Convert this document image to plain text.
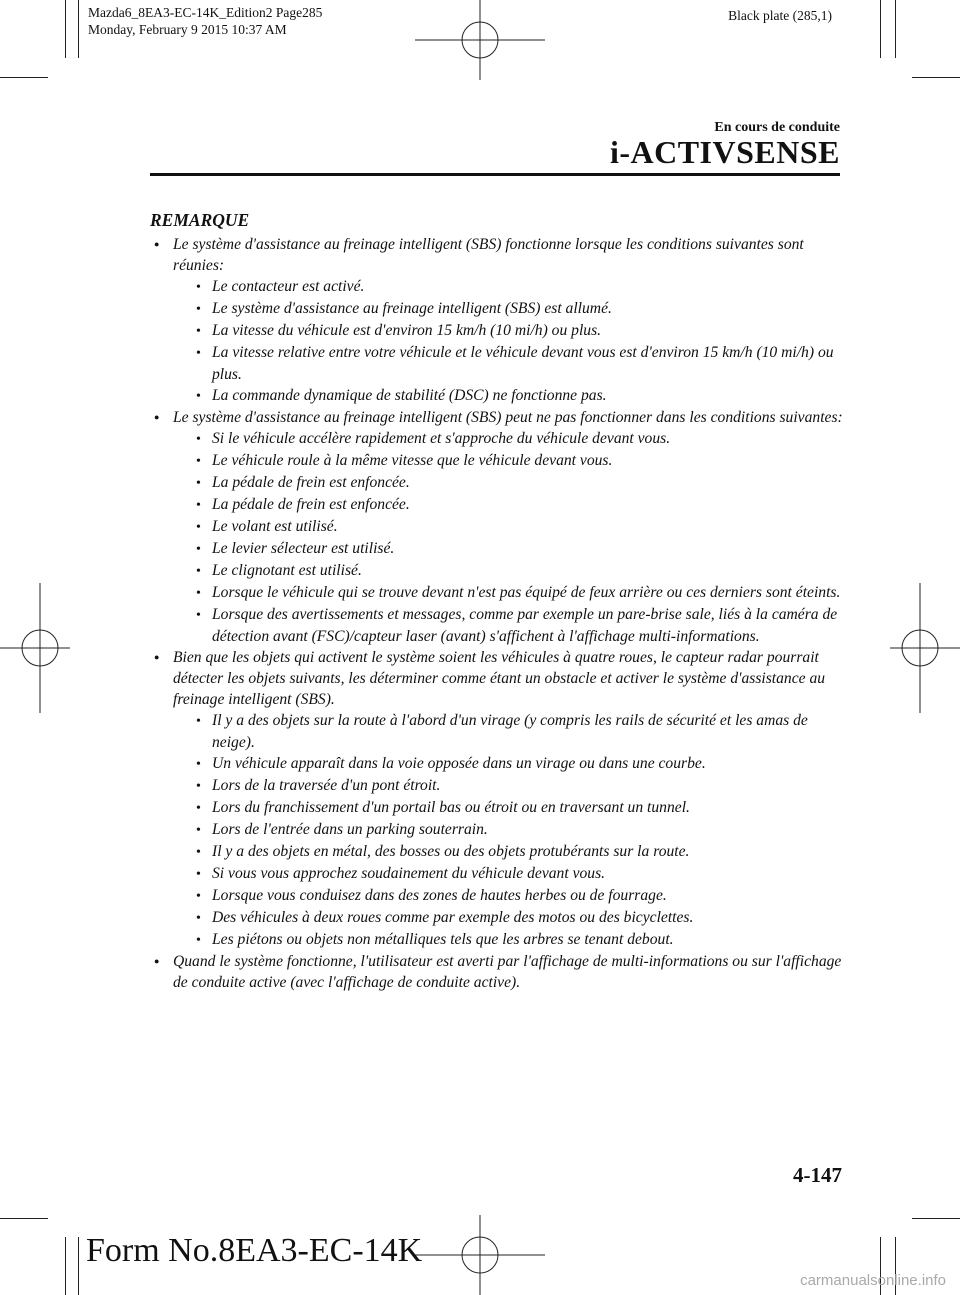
Mazda6_8EA3-EC-14K_Edition2 Page285
Monday, February 9 2015 10:37 AM
Black plate (285,1)
En cours de conduite
i-ACTIVSENSE
REMARQUE
● Le système d'assistance au freinage intelligent (SBS) fonctionne lorsque les conditions suivantes sont réunies:
• Le contacteur est activé.
• Le système d'assistance au freinage intelligent (SBS) est allumé.
• La vitesse du véhicule est d'environ 15 km/h (10 mi/h) ou plus.
• La vitesse relative entre votre véhicule et le véhicule devant vous est d'environ 15 km/h (10 mi/h) ou plus.
• La commande dynamique de stabilité (DSC) ne fonctionne pas.
● Le système d'assistance au freinage intelligent (SBS) peut ne pas fonctionner dans les conditions suivantes:
• Si le véhicule accélère rapidement et s'approche du véhicule devant vous.
• Le véhicule roule à la même vitesse que le véhicule devant vous.
• La pédale de frein est enfoncée.
• La pédale de frein est enfoncée.
• Le volant est utilisé.
• Le levier sélecteur est utilisé.
• Le clignotant est utilisé.
• Lorsque le véhicule qui se trouve devant n'est pas équipé de feux arrière ou ces derniers sont éteints.
• Lorsque des avertissements et messages, comme par exemple un pare-brise sale, liés à la caméra de détection avant (FSC)/capteur laser (avant) s'affichent à l'affichage multi-informations.
● Bien que les objets qui activent le système soient les véhicules à quatre roues, le capteur radar pourrait détecter les objets suivants, les déterminer comme étant un obstacle et activer le système d'assistance au freinage intelligent (SBS).
• Il y a des objets sur la route à l'abord d'un virage (y compris les rails de sécurité et les amas de neige).
• Un véhicule apparaît dans la voie opposée dans un virage ou dans une courbe.
• Lors de la traversée d'un pont étroit.
• Lors du franchissement d'un portail bas ou étroit ou en traversant un tunnel.
• Lors de l'entrée dans un parking souterrain.
• Il y a des objets en métal, des bosses ou des objets protubérants sur la route.
• Si vous vous approchez soudainement du véhicule devant vous.
• Lorsque vous conduisez dans des zones de hautes herbes ou de fourrage.
• Des véhicules à deux roues comme par exemple des motos ou des bicyclettes.
• Les piétons ou objets non métalliques tels que les arbres se tenant debout.
● Quand le système fonctionne, l'utilisateur est averti par l'affichage de multi-informations ou sur l'affichage de conduite active (avec l'affichage de conduite active).
4-147
Form No.8EA3-EC-14K
carmanualsonline.info
